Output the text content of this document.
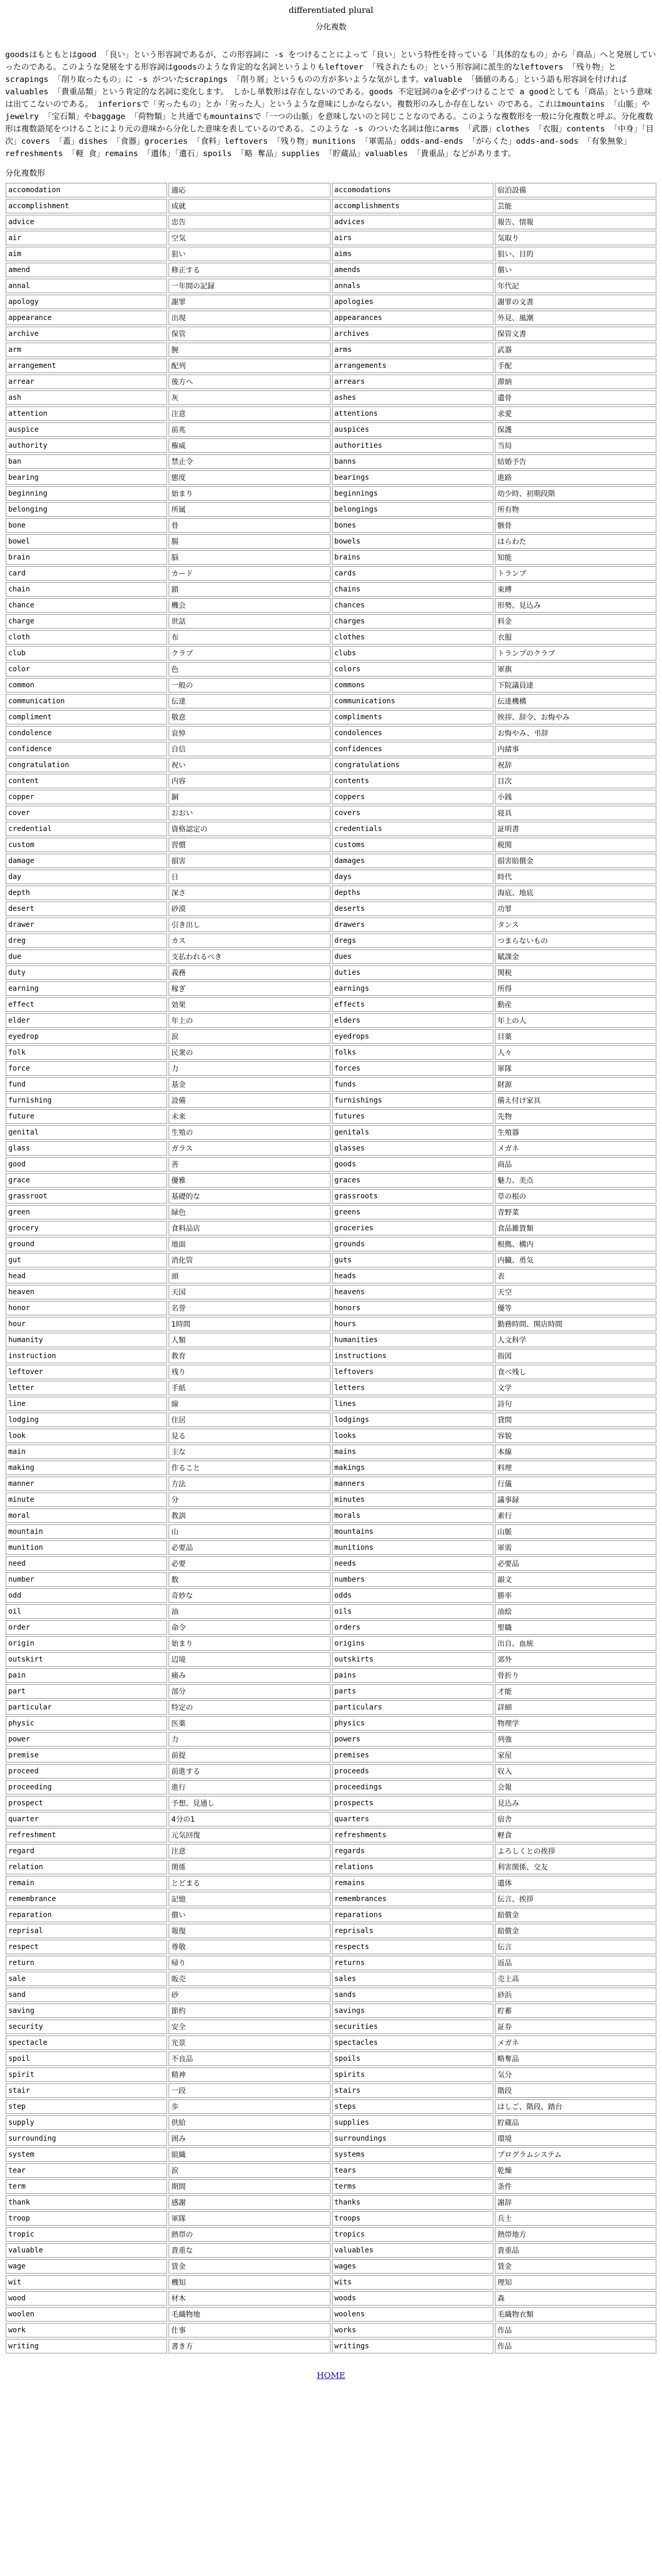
differentiated plural
分化複数
goodsはもともとはgood 「良い」という形容詞であるが、この形容詞に -s をつけることによって「良い」という特性を持っている「具体的なもの」から「商品」へと発展していったのである。このような発展をする形容詞はgoodsのような肯定的な名詞というよりもleftover 「残されたもの」という形容詞に派生的なleftovers 「残り物」とscrapings 「削り取ったもの」に -s がついたscrapings 「削り屑」というものの方が多いような気がします。valuable 「価値のある」という語も形容詞を付ければvaluables 「貴重品類」という肯定的な名詞に変化します。 しかし単数形は存在しないのである。goods 不定冠詞のaを必ずつけることで a goodとしても「商品」という意味は出てこないのである。 inferiorsで「劣ったもの」とか「劣った人」というような意味にしかならない。複数形のみしか存在しない のである。これはmountains 「山脈」やjewelry 「宝石類」やbaggage 「荷物類」と共通でもmountainsで「一つの山脈」を意味しないのと同じことなのである。このような複数形を一般に分化複数と呼ぶ。分化複数形は複数語尾をつけることにより元の意味から分化した意味を表しているのである。このような -s のついた名詞は他にarms 「武器」clothes 「衣服」contents 「中身」「目次」covers 「蓋」dishes 「食器」groceries 「食料」leftovers 「残り物」munitions 「軍需品」odds-and-ends 「がらくた」odds-and-sods 「有象無象」refreshments 「軽 食」remains 「遺体」「遺石」spoils 「略 奪品」supplies 「貯蔵品」valuables 「貴重品」などがあります。
分化複数形
accomodation	適応	accomodations	宿泊設備
accomplishment	成就	accomplishments	芸能
advice	忠告	advices	報告、情報
air	空気	airs	気取り
aim	狙い	aims	狙い、目的
amend	修正する	amends	償い
annal	一年間の記録	annals	年代記
apology	謝罪	apologies	謝罪の文書
appearance	出現	appearances	外見、風潮
archive	保管	archives	保管文書
arm	腕	arms	武器
arrangement	配列	arrangements	手配
arrear	後方へ	arrears	滞納
ash	灰	ashes	遺骨
attention	注意	attentions	求愛
auspice	前兆	auspices	保護
authority	権威	authorities	当局
ban	禁止令	banns	結婚予告
bearing	態度	bearings	進路
beginning	始まり	beginnings	幼少時、初期段階
belonging	所属	belongings	所有物
bone	骨	bones	骸骨
bowel	腸	bowels	はらわた
brain	脳	brains	知能
card	カード	cards	トランプ
chain	鎖	chains	束縛
chance	機会	chances	形勢、見込み
charge	世話	charges	料金
cloth	布	clothes	衣服
club	クラブ	clubs	トランプのクラブ
color	色	colors	軍旗
common	一般の	commons	下院議員達
communication	伝達	communications	伝達機構
compliment	敬意	compliments	挨拶、辞令、お悔やみ
condolence	哀悼	condolences	お悔やみ、弔辞
confidence	自信	confidences	内緒事
congratulation	祝い	congratulations	祝辞
content	内容	contents	目次
copper	銅	coppers	小銭
cover	おおい	covers	寝具
credential	資格認定の	credentials	証明書
custom	習慣	customs	税関
damage	損害	damages	損害賠償金
day	日	days	時代
depth	深さ	depths	海底、地底
desert	砂漠	deserts	功罪
drawer	引き出し	drawers	タンス
dreg	カス	dregs	つまらないもの
due	支払われるべき	dues	賦課金
duty	義務	duties	関税
earning	稼ぎ	earnings	所得
effect	効果	effects	動産
elder	年上の	elders	年上の人
eyedrop	涙	eyedrops	目薬
folk	民衆の	folks	人々
force	力	forces	軍隊
fund	基金	funds	財源
furnishing	設備	furnishings	備え付け家具
future	未来	futures	先物
genital	生殖の	genitals	生殖器
glass	ガラス	glasses	メガネ
good	善	goods	商品
grace	優雅	graces	魅力、美点
grassroot	基礎的な	grassroots	草の根の
green	緑色	greens	青野菜
grocery	食料品店	groceries	食品雑貨類
ground	地面	grounds	根拠、構内
gut	消化管	guts	内臓、勇気
head	頭	heads	表
heaven	天国	heavens	天空
honor	名誉	honors	優等
hour	1時間	hours	勤務時間、開店時間
humanity	人類	humanities	人文科学
instruction	教育	instructions	指図
leftover	残り	leftovers	食べ残し
letter	手紙	letters	文学
line	線	lines	詩句
lodging	住居	lodgings	貸間
look	見る	looks	容貌
main	主な	mains	本線
making	作ること	makings	料理
manner	方法	manners	行儀
minute	分	minutes	議事録
moral	教訓	morals	素行
mountain	山	mountains	山脈
munition	必要品	munitions	軍需
need	必要	needs	必要品
number	数	numbers	韻文
odd	奇妙な	odds	勝率
oil	油	oils	油絵
order	命令	orders	聖職
origin	始まり	origins	出自、血統
outskirt	辺境	outskirts	郊外
pain	痛み	pains	骨折り
part	部分	parts	才能
particular	特定の	particulars	詳細
physic	医薬	physics	物理学
power	力	powers	列強
premise	前提	premises	家屋
proceed	前進する	proceeds	収入
proceeding	進行	proceedings	会報
prospect	予想、見通し	prospects	見込み
quarter	4分の1	quarters	宿舎
refreshment	元気回復	refreshments	軽食
regard	注意	regards	よろしくとの挨拶
relation	関係	relations	利害関係、交友
remain	とどまる	remains	遺体
remembrance	記憶	remembrances	伝言、挨拶
reparation	償い	reparations	賠償金
reprisal	報復	reprisals	賠償金
respect	尊敬	respects	伝言
return	帰り	returns	返品
sale	販売	sales	売上高
sand	砂	sands	砂浜
saving	節約	savings	貯蓄
security	安全	securities	証券
spectacle	光景	spectacles	メガネ
spoil	不良品	spoils	略奪品
spirit	精神	spirits	気分
stair	一段	stairs	階段
step	歩	steps	はしご、階段、踏台
supply	供給	supplies	貯蔵品
surrounding	囲み	surroundings	環境
system	組織	systems	プログラムシステム
tear	涙	tears	乾燥
term	期間	terms	条件
thank	感謝	thanks	謝辞
troop	軍隊	troops	兵士
tropic	熱帯の	tropics	熱帯地方
valuable	貴重な	valuables	貴重品
wage	賃金	wages	賃金
wit	機知	wits	理知
wood	材木	woods	森
woolen	毛織物地	woolens	毛織物衣類
work	仕事	works	作品
writing	書き方	writings	作品
HOME
